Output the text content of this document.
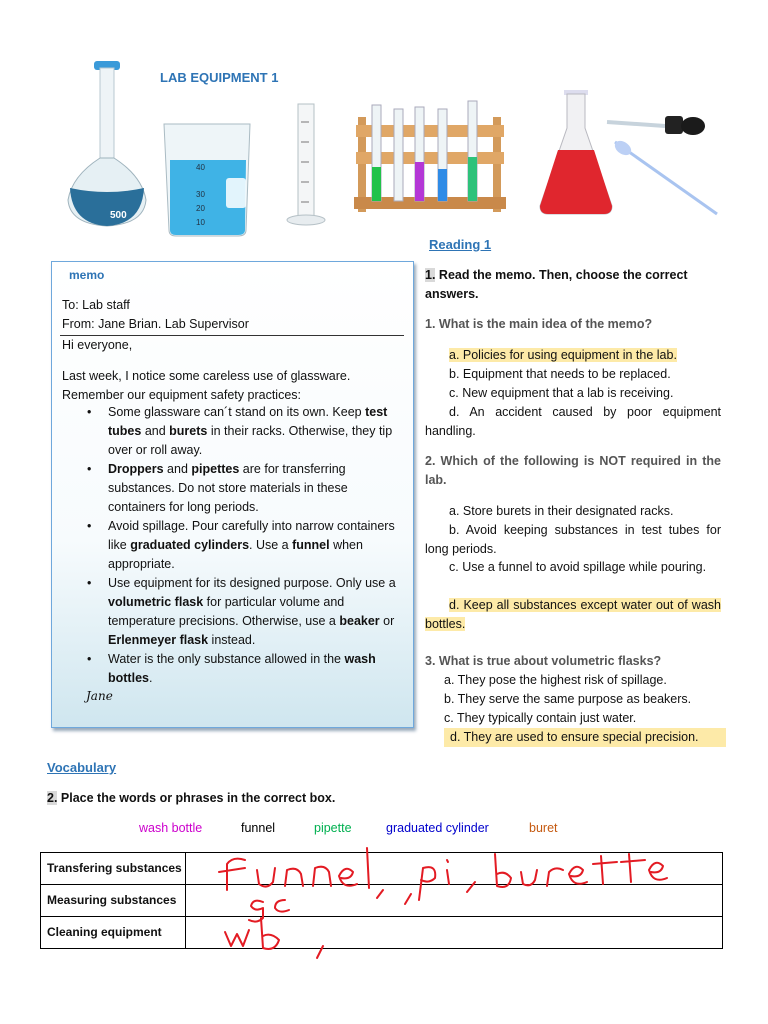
LAB EQUIPMENT 1
500
40
30
20
10
Reading 1
memo
To: Lab staff
From: Jane Brian. Lab Supervisor
Hi everyone,
Last week, I notice some careless use of glassware.
Remember our equipment safety practices:
• Some glassware can´t stand on its own. Keep test tubes and burets in their racks. Otherwise, they tip over or roll away.
• Droppers and pipettes are for transferring substances. Do not store materials in these containers for long periods.
• Avoid spillage. Pour carefully into narrow containers like graduated cylinders. Use a funnel when appropriate.
• Use equipment for its designed purpose. Only use a volumetric flask for particular volume and temperature precisions. Otherwise, use a beaker or Erlenmeyer flask instead.
• Water is the only substance allowed in the wash bottles.
Jane
1. Read the memo. Then, choose the correct answers.
1. What is the main idea of the memo?
a. Policies for using equipment in the lab.
b. Equipment that needs to be replaced.
c. New equipment that a lab is receiving.
d. An accident caused by poor equipment handling.
2. Which of the following is NOT required in the lab.
a. Store burets in their designated racks.
b. Avoid keeping substances in test tubes for long periods.
c. Use a funnel to avoid spillage while pouring.
d. Keep all substances except water out of wash bottles.
3. What is true about volumetric flasks?
a. They pose the highest risk of spillage.
b. They serve the same purpose as beakers.
c. They typically contain just water.
d. They are used to ensure special precision.
Vocabulary
2. Place the words or phrases in the correct box.
wash bottle	funnel	pipette	graduated cylinder	buret
Transfering substances	
Measuring substances	
Cleaning equipment	
